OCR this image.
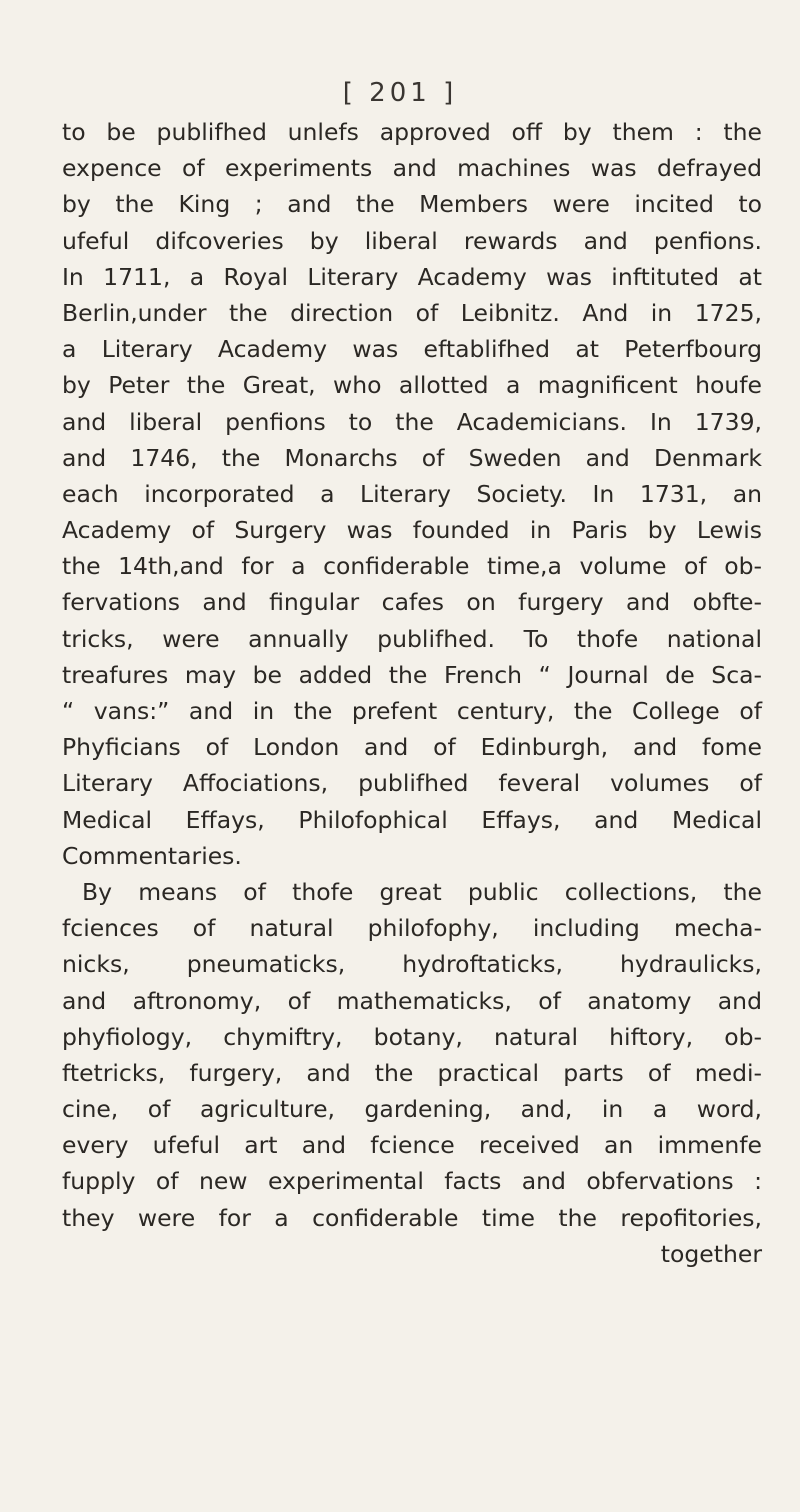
[ 201 ]
to be publifhed unlefs approved off by them : the
expence of experiments and machines was defrayed
by the King ; and the Members were incited to
ufeful difcoveries by liberal rewards and penfions.
In 1711, a Royal Literary Academy was inftituted at
Berlin,under the direction of Leibnitz. And in 1725,
a Literary Academy was eftablifhed at Peterfbourg
by Peter the Great, who allotted a magnificent houfe
and liberal penfions to the Academicians. In 1739,
and 1746, the Monarchs of Sweden and Denmark
each incorporated a Literary Society. In 1731, an
Academy of Surgery was founded in Paris by Lewis
the 14th,and for a confiderable time,a volume of ob-
fervations and fingular cafes on furgery and obfte-
tricks, were annually publifhed. To thofe national
treafures may be added the French “ Journal de Sca-
“ vans:” and in the prefent century, the College of
Phyficians of London and of Edinburgh, and fome
Literary Affociations, publifhed feveral volumes of
Medical Effays, Philofophical Effays, and Medical
Commentaries.
By means of thofe great public collections, the
fciences of natural philofophy, including mecha-
nicks, pneumaticks, hydroftaticks, hydraulicks,
and aftronomy, of mathematicks, of anatomy and
phyfiology, chymiftry, botany, natural hiftory, ob-
ftetricks, furgery, and the practical parts of medi-
cine, of agriculture, gardening, and, in a word,
every ufeful art and fcience received an immenfe
fupply of new experimental facts and obfervations :
they were for a confiderable time the repofitories,
together
